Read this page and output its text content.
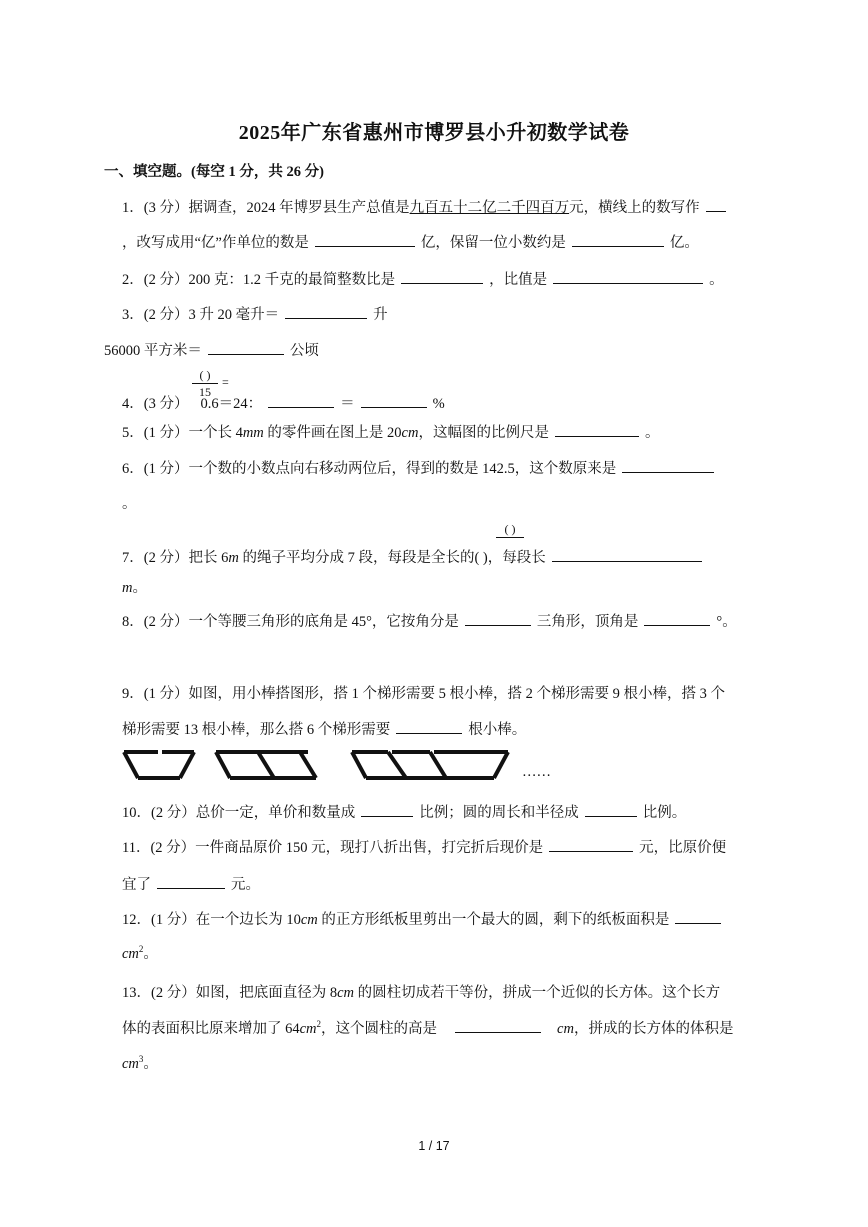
2025年广东省惠州市博罗县小升初数学试卷
一、填空题。(每空 1 分，共 26 分)
1．(3 分）据调查，2024 年博罗县生产总值是九百五十二亿二千四百万元，横线上的数写作
，改写成用“亿”作单位的数是	亿，保留一位小数约是	亿。
2．(2 分）200 克：1.2 千克的最简整数比是	，比值是	。
3．(2 分）3 升 20 毫升＝	升
56000 平方米＝	公顷
( )
15
=
4．(3 分） 0.6＝24：	＝	%
5．(1 分）一个长 4mm 的零件画在图上是 20cm，这幅图的比例尺是	。
6．(1 分）一个数的小数点向右移动两位后，得到的数是 142.5，这个数原来是
。
( )
7．(2 分）把长 6m 的绳子平均分成 7 段，每段是全长的( )，每段长
m。
8．(2 分）一个等腰三角形的底角是 45°，它按角分是	三角形，顶角是	°。
9．(1 分）如图，用小棒搭图形，搭 1 个梯形需要 5 根小棒，搭 2 个梯形需要 9 根小棒，搭 3 个
梯形需要 13 根小棒，那么搭 6 个梯形需要	根小棒。
……
10．(2 分）总价一定，单价和数量成	比例；圆的周长和半径成	比例。
11．(2 分）一件商品原价 150 元，现打八折出售，打完折后现价是	元，比原价便
宜了	元。
12．(1 分）在一个边长为 10cm 的正方形纸板里剪出一个最大的圆，剩下的纸板面积是
$cm^2$。
13．(2 分）如图，把底面直径为 8cm 的圆柱切成若干等份，拼成一个近似的长方体。这个长方
体的表面积比原来增加了 $64cm^2$，这个圆柱的高是	cm，拼成的长方体的体积是
$cm^3$。
1 / 17
